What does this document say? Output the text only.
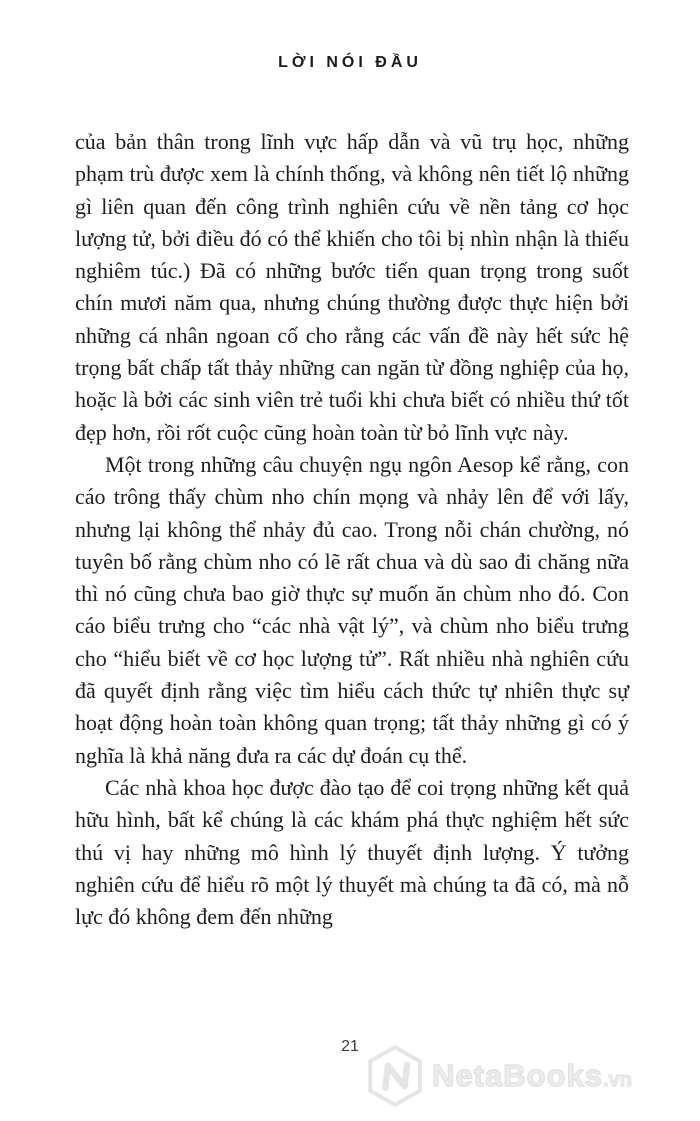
LỜI NÓI ĐẦU

của bản thân trong lĩnh vực hấp dẫn và vũ trụ học, những phạm trù được xem là chính thống, và không nên tiết lộ những gì liên quan đến công trình nghiên cứu về nền tảng cơ học lượng tử, bởi điều đó có thể khiến cho tôi bị nhìn nhận là thiếu nghiêm túc.) Đã có những bước tiến quan trọng trong suốt chín mươi năm qua, nhưng chúng thường được thực hiện bởi những cá nhân ngoan cố cho rằng các vấn đề này hết sức hệ trọng bất chấp tất thảy những can ngăn từ đồng nghiệp của họ, hoặc là bởi các sinh viên trẻ tuổi khi chưa biết có nhiều thứ tốt đẹp hơn, rồi rốt cuộc cũng hoàn toàn từ bỏ lĩnh vực này.

Một trong những câu chuyện ngụ ngôn Aesop kể rằng, con cáo trông thấy chùm nho chín mọng và nhảy lên để với lấy, nhưng lại không thể nhảy đủ cao. Trong nỗi chán chường, nó tuyên bố rằng chùm nho có lẽ rất chua và dù sao đi chăng nữa thì nó cũng chưa bao giờ thực sự muốn ăn chùm nho đó. Con cáo biểu trưng cho “các nhà vật lý”, và chùm nho biểu trưng cho “hiểu biết về cơ học lượng tử”. Rất nhiều nhà nghiên cứu đã quyết định rằng việc tìm hiểu cách thức tự nhiên thực sự hoạt động hoàn toàn không quan trọng; tất thảy những gì có ý nghĩa là khả năng đưa ra các dự đoán cụ thể.

Các nhà khoa học được đào tạo để coi trọng những kết quả hữu hình, bất kể chúng là các khám phá thực nghiệm hết sức thú vị hay những mô hình lý thuyết định lượng. Ý tưởng nghiên cứu để hiểu rõ một lý thuyết mà chúng ta đã có, mà nỗ lực đó không đem đến những

21
NetaBooks.vn
